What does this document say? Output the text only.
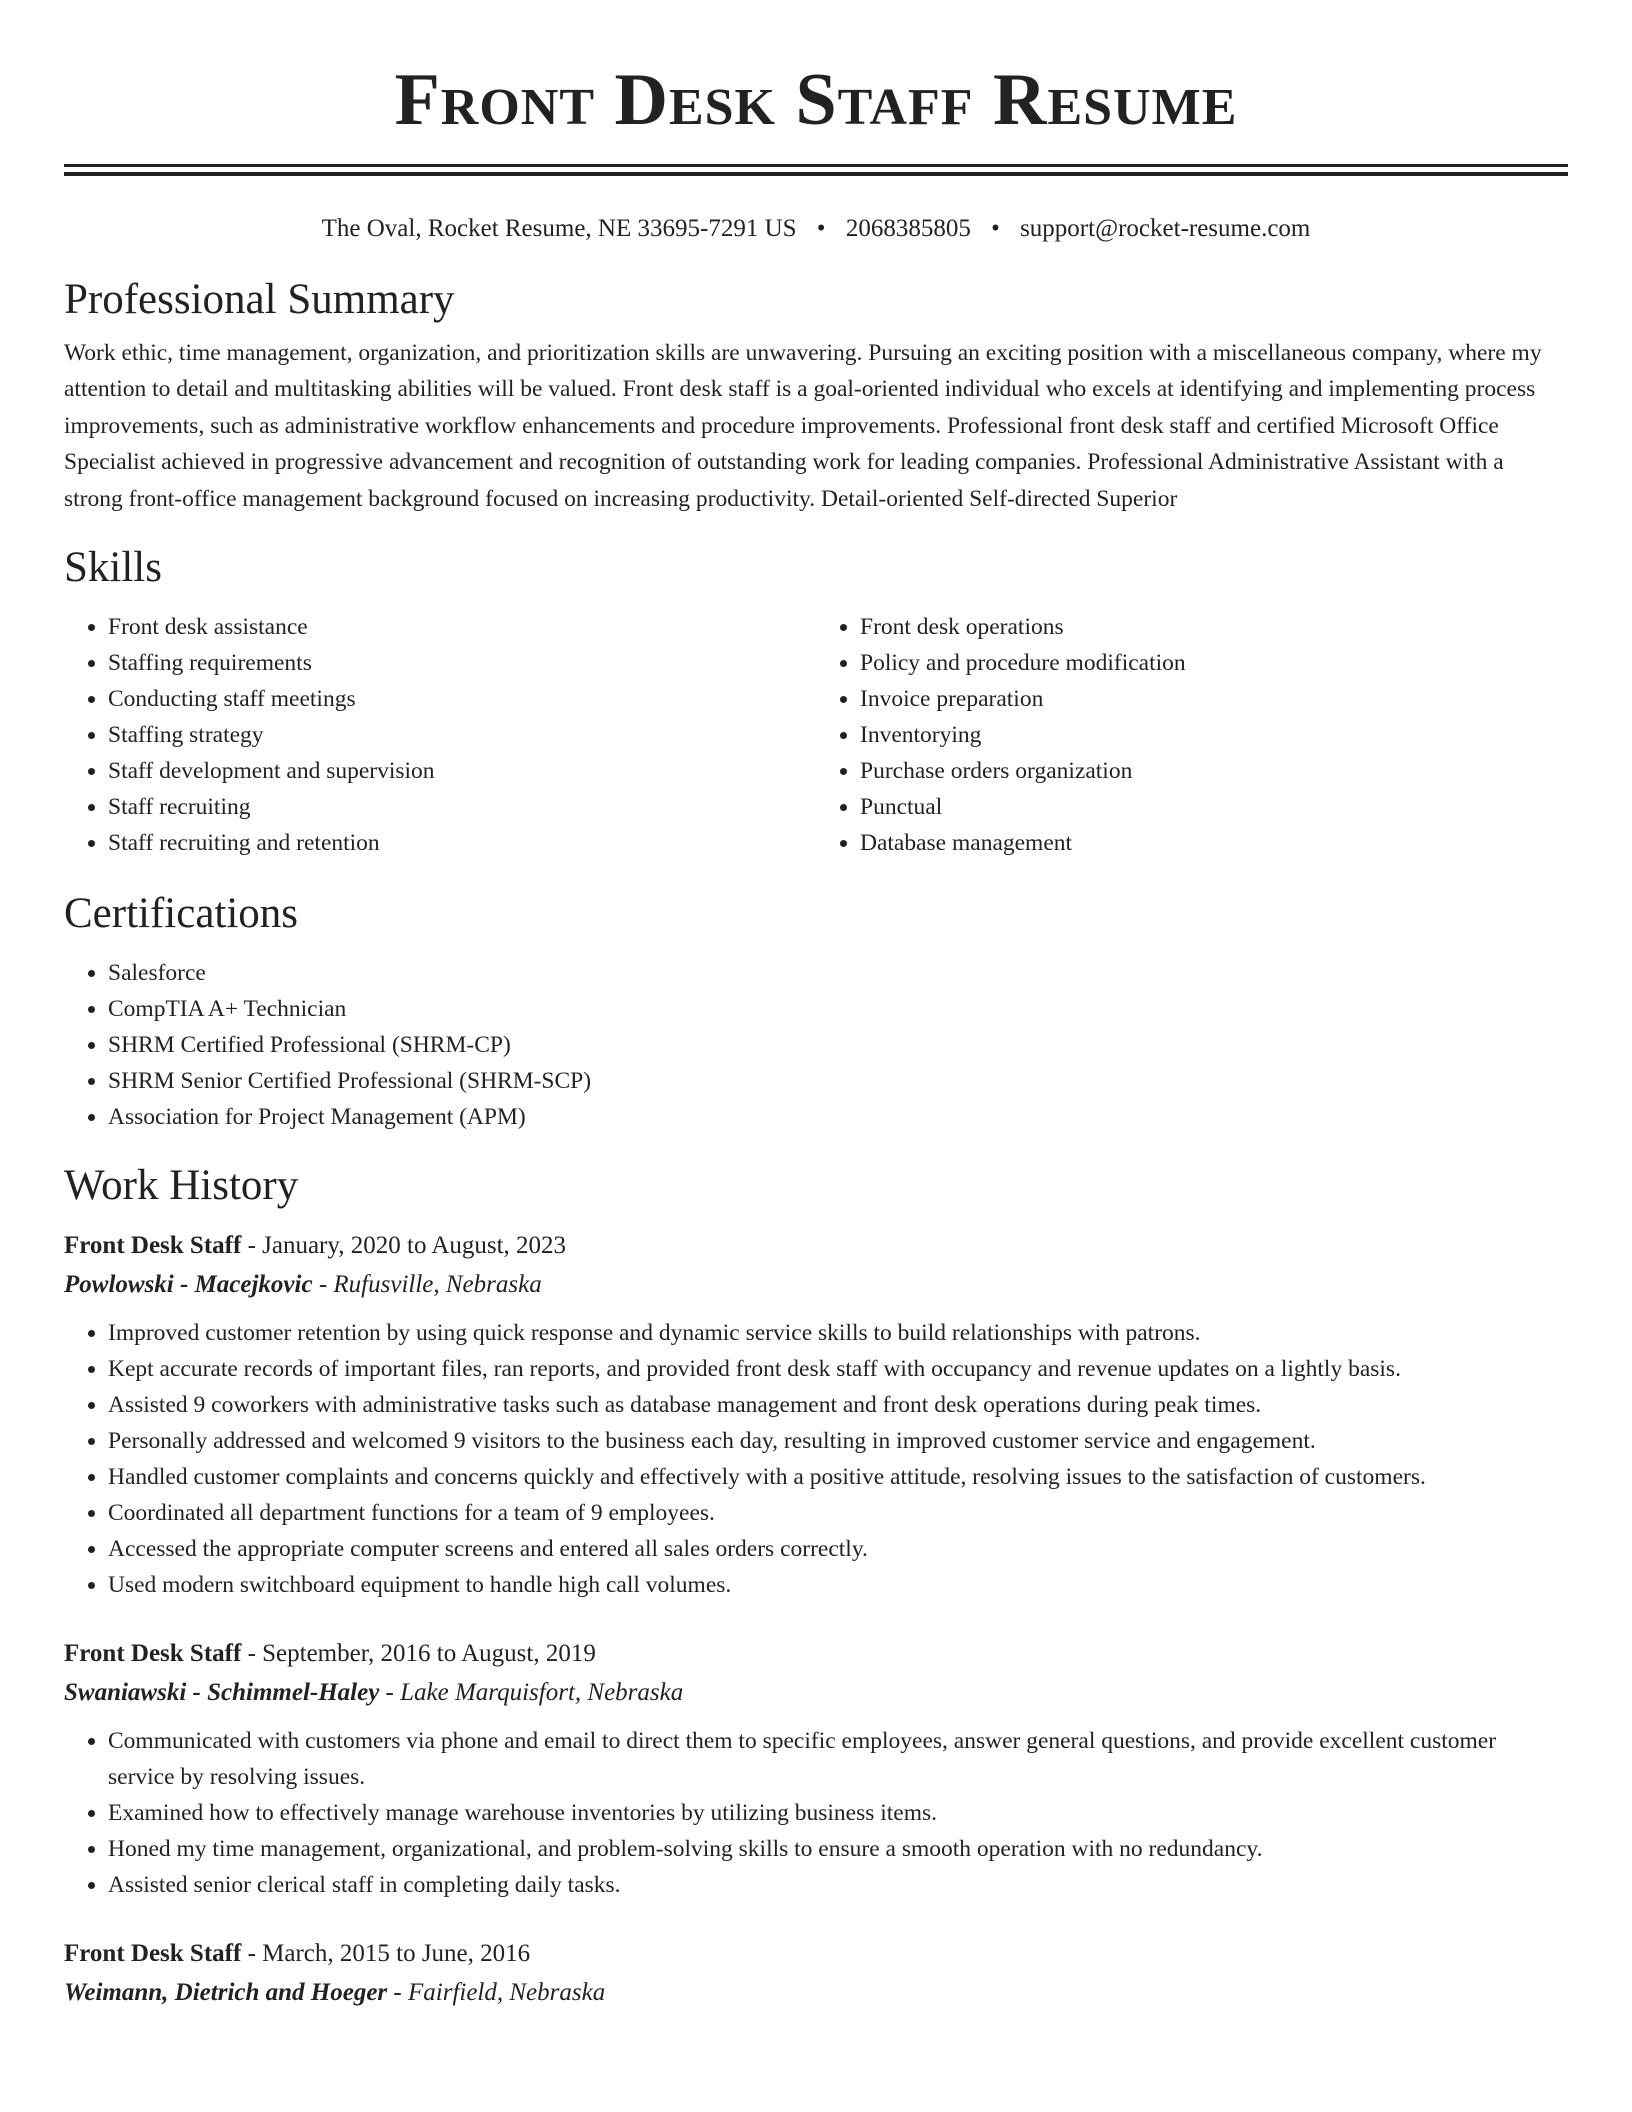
Front Desk Staff Resume
The Oval, Rocket Resume, NE 33695-7291 US • 2068385805 • support@rocket-resume.com
Professional Summary

Work ethic, time management, organization, and prioritization skills are unwavering. Pursuing an exciting position with a miscellaneous company, where my attention to detail and multitasking abilities will be valued. Front desk staff is a goal-oriented individual who excels at identifying and implementing process improvements, such as administrative workflow enhancements and procedure improvements. Professional front desk staff and certified Microsoft Office Specialist achieved in progressive advancement and recognition of outstanding work for leading companies. Professional Administrative Assistant with a strong front-office management background focused on increasing productivity. Detail-oriented Self-directed Superior

Skills
• Front desk assistance
• Staffing requirements
• Conducting staff meetings
• Staffing strategy
• Staff development and supervision
• Staff recruiting
• Staff recruiting and retention
• Front desk operations
• Policy and procedure modification
• Invoice preparation
• Inventorying
• Purchase orders organization
• Punctual
• Database management
Certifications
• Salesforce
• CompTIA A+ Technician
• SHRM Certified Professional (SHRM-CP)
• SHRM Senior Certified Professional (SHRM-SCP)
• Association for Project Management (APM)
Work History
Front Desk Staff - January, 2020 to August, 2023
Powlowski - Macejkovic - Rufusville, Nebraska
• Improved customer retention by using quick response and dynamic service skills to build relationships with patrons.
• Kept accurate records of important files, ran reports, and provided front desk staff with occupancy and revenue updates on a lightly basis.
• Assisted 9 coworkers with administrative tasks such as database management and front desk operations during peak times.
• Personally addressed and welcomed 9 visitors to the business each day, resulting in improved customer service and engagement.
• Handled customer complaints and concerns quickly and effectively with a positive attitude, resolving issues to the satisfaction of customers.
• Coordinated all department functions for a team of 9 employees.
• Accessed the appropriate computer screens and entered all sales orders correctly.
• Used modern switchboard equipment to handle high call volumes.
Front Desk Staff - September, 2016 to August, 2019
Swaniawski - Schimmel-Haley - Lake Marquisfort, Nebraska
• Communicated with customers via phone and email to direct them to specific employees, answer general questions, and provide excellent customer service by resolving issues.
• Examined how to effectively manage warehouse inventories by utilizing business items.
• Honed my time management, organizational, and problem-solving skills to ensure a smooth operation with no redundancy.
• Assisted senior clerical staff in completing daily tasks.
Front Desk Staff - March, 2015 to June, 2016
Weimann, Dietrich and Hoeger - Fairfield, Nebraska
